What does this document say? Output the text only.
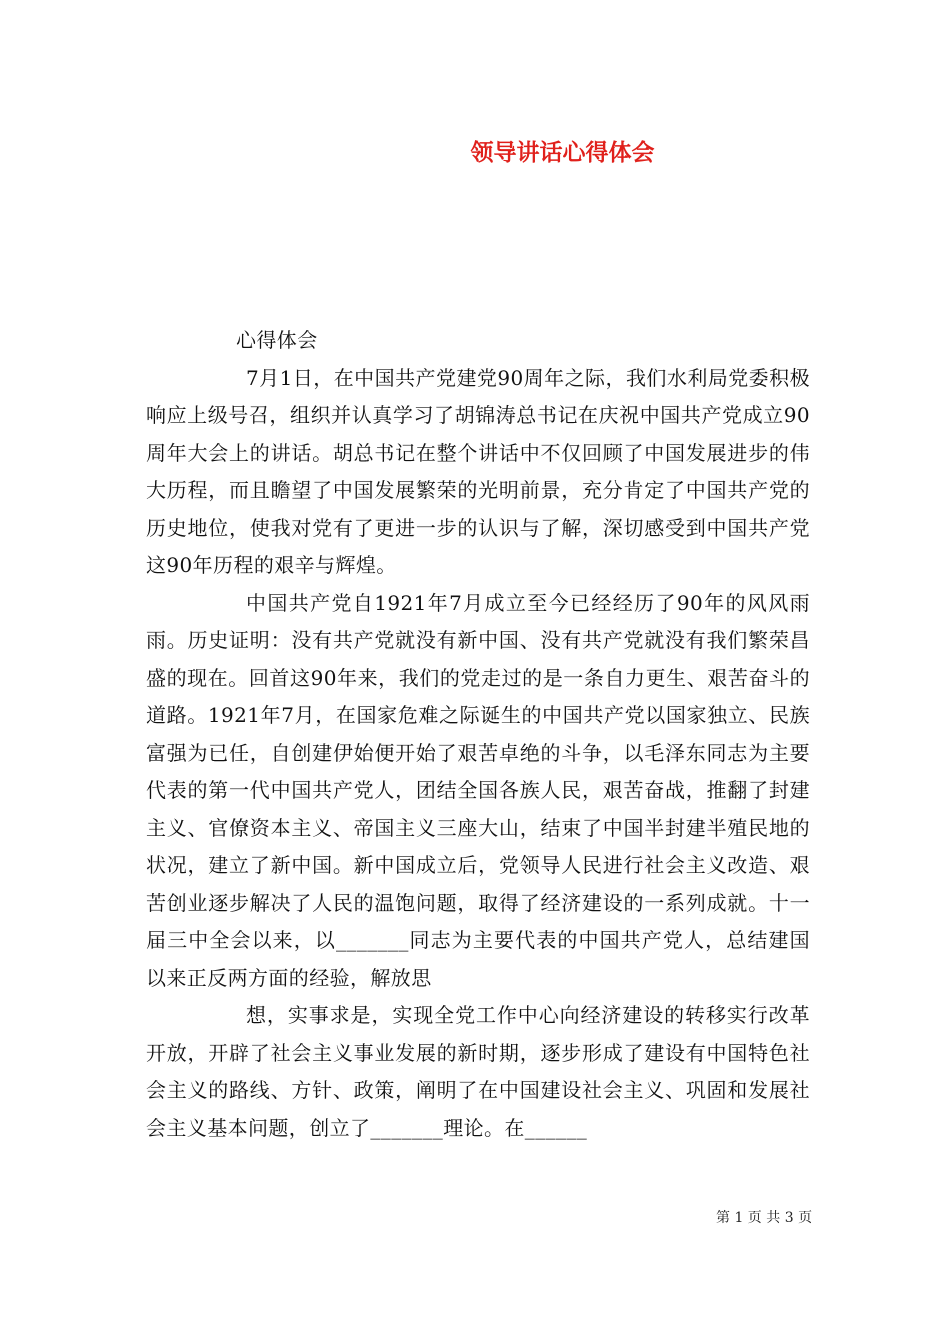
领导讲话心得体会

心得体会

7月1日，在中国共产党建党90周年之际，我们水利局党委积极响应上级号召，组织并认真学习了胡锦涛总书记在庆祝中国共产党成立90周年大会上的讲话。胡总书记在整个讲话中不仅回顾了中国发展进步的伟大历程，而且瞻望了中国发展繁荣的光明前景，充分肯定了中国共产党的历史地位，使我对党有了更进一步的认识与了解，深切感受到中国共产党这90年历程的艰辛与辉煌。

中国共产党自1921年7月成立至今已经经历了90年的风风雨雨。历史证明：没有共产党就没有新中国、没有共产党就没有我们繁荣昌盛的现在。回首这90年来，我们的党走过的是一条自力更生、艰苦奋斗的道路。1921年7月，在国家危难之际诞生的中国共产党以国家独立、民族富强为已任，自创建伊始便开始了艰苦卓绝的斗争，以毛泽东同志为主要代表的第一代中国共产党人，团结全国各族人民，艰苦奋战，推翻了封建主义、官僚资本主义、帝国主义三座大山，结束了中国半封建半殖民地的状况，建立了新中国。新中国成立后，党领导人民进行社会主义改造、艰苦创业逐步解决了人民的温饱问题，取得了经济建设的一系列成就。十一届三中全会以来，以_______同志为主要代表的中国共产党人，总结建国以来正反两方面的经验，解放思

想，实事求是，实现全党工作中心向经济建设的转移实行改革开放，开辟了社会主义事业发展的新时期，逐步形成了建设有中国特色社会主义的路线、方针、政策，阐明了在中国建设社会主义、巩固和发展社会主义基本问题，创立了_______理论。在______

第 1 页 共 3 页
